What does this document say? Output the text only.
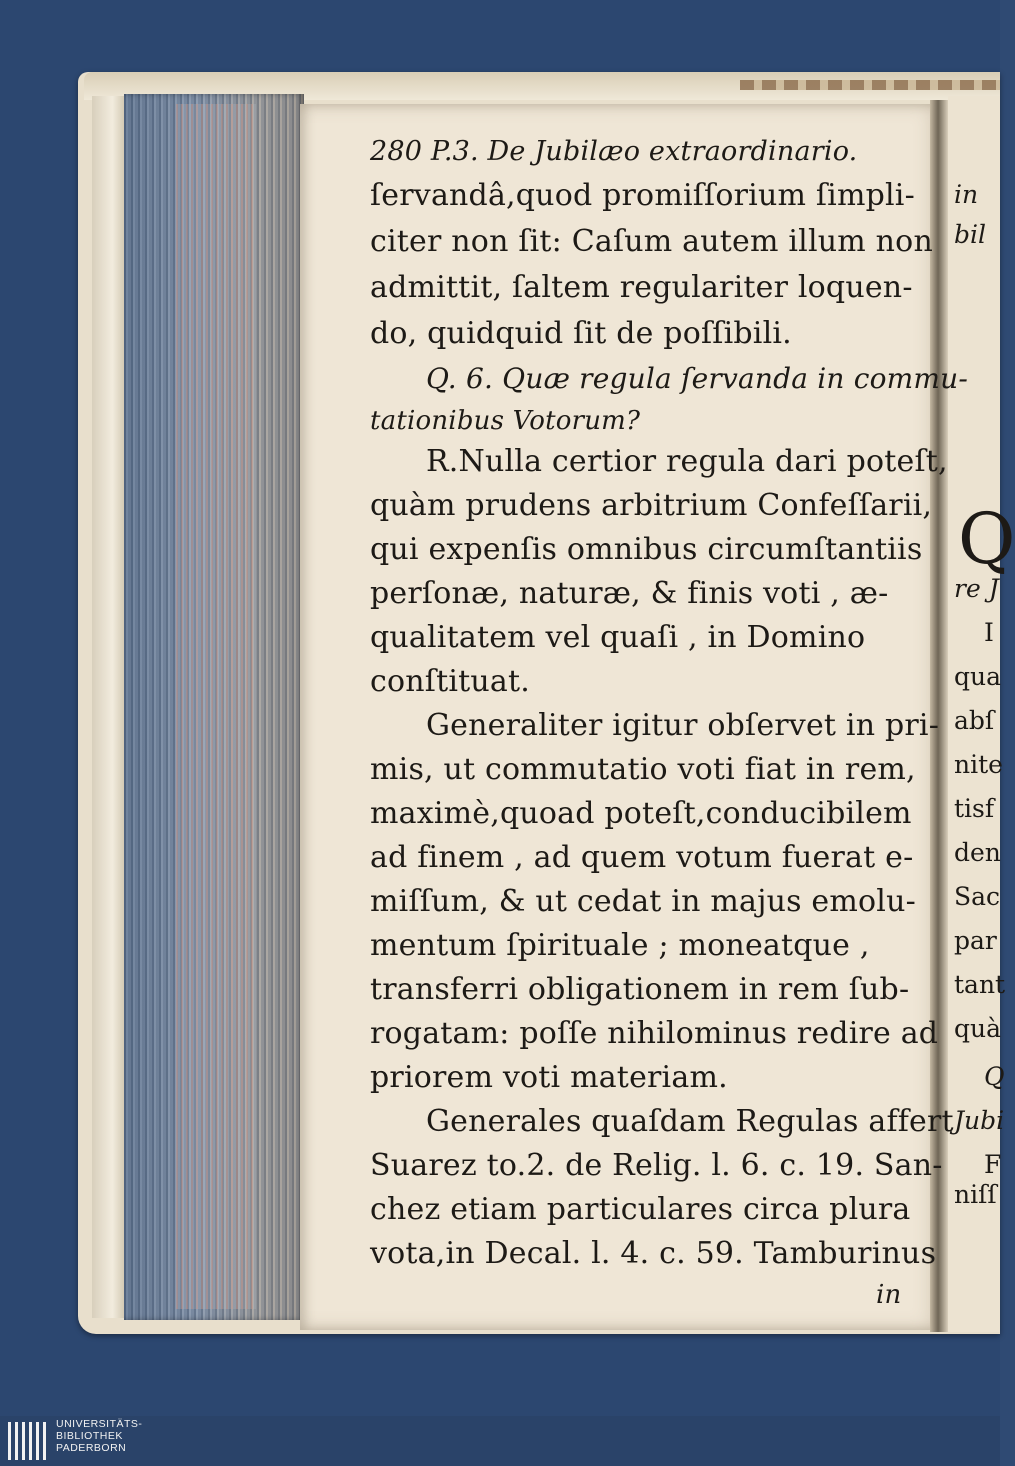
280 P.3. De Jubilæo extraordinario.
ſervandâ,quod promiſſorium ſimpli-
citer non ſit: Caſum autem illum non
admittit, ſaltem regulariter loquen-
do, quidquid ſit de poſſibili.
Q. 6. Quæ regula ſervanda in commu-
tationibus Votorum?
R.Nulla certior regula dari poteſt,
quàm prudens arbitrium Confeſſarii,
qui expenſis omnibus circumſtantiis
perſonæ, naturæ, & finis voti , æ-
qualitatem vel quaſi , in Domino
conſtituat.
Generaliter igitur obſervet in pri-
mis, ut commutatio voti fiat in rem,
maximè,quoad poteſt,conducibilem
ad finem , ad quem votum fuerat e-
miſſum, & ut cedat in majus emolu-
mentum ſpirituale ; moneatque ,
transferri obligationem in rem ſub-
rogatam: poſſe nihilominus redire ad
priorem voti materiam.
Generales quaſdam Regulas affert
Suarez to.2. de Relig. l. 6. c. 19. San-
chez etiam particulares circa plura
vota,in Decal. l. 4. c. 59. Tamburinus
in
in
bil
re J
I
qua
abſ
nite
tisf
den
Sac
par
tant
quà
Q
Jubi
F
niſſ
Q
UNIVERSITÄTS-
BIBLIOTHEK
PADERBORN
